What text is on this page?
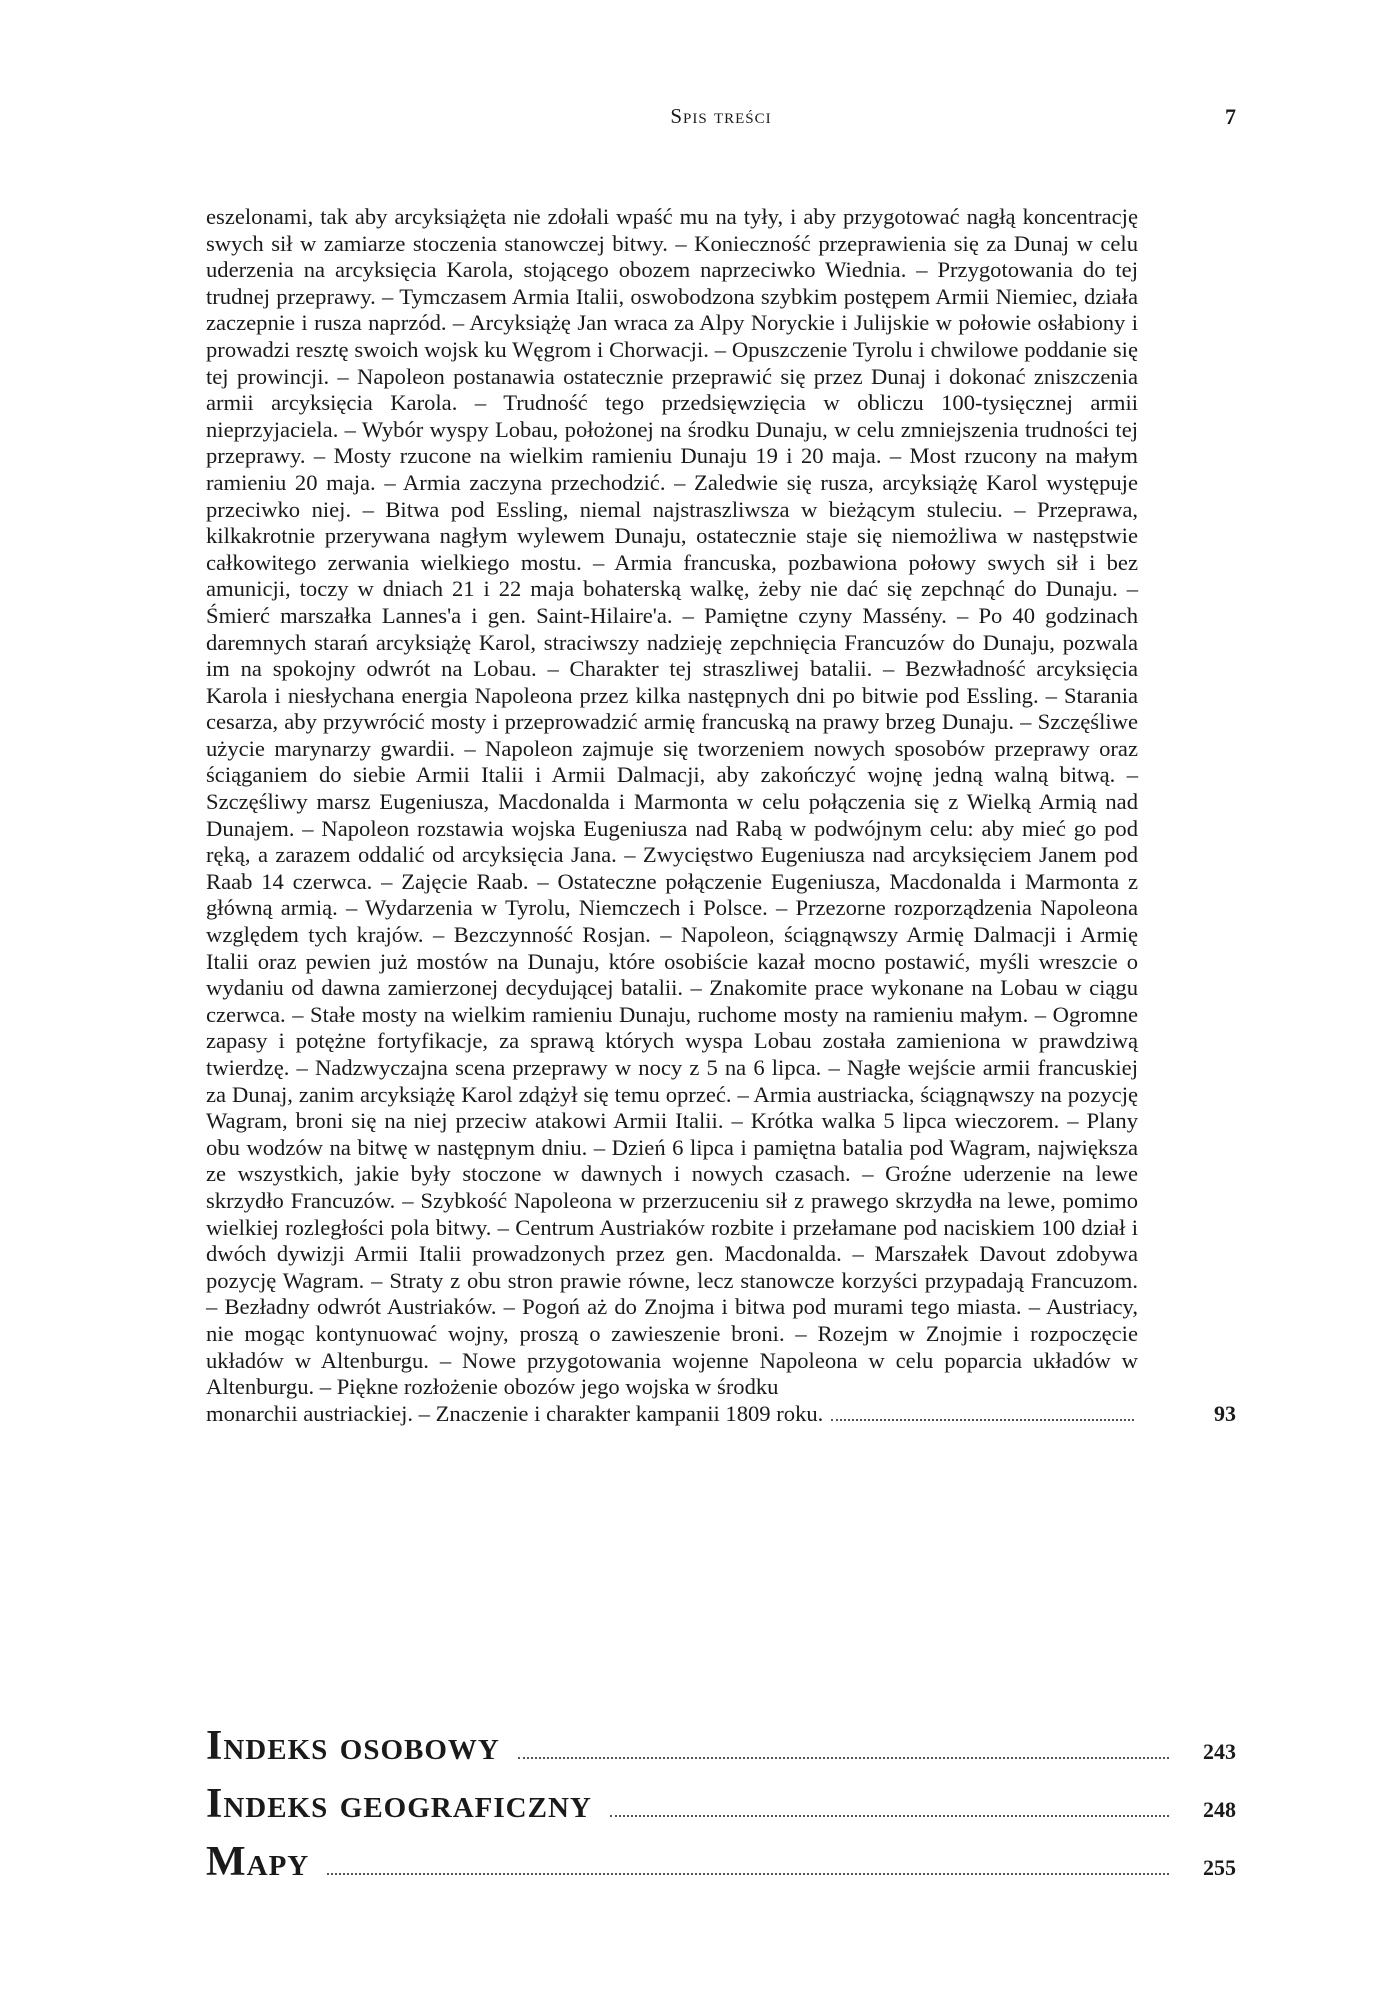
Spis treści	7
eszelonami, tak aby arcyksiążęta nie zdołali wpaść mu na tyły, i aby przygotować nagłą koncentrację swych sił w zamiarze stoczenia stanowczej bitwy. – Konieczność przeprawienia się za Dunaj w celu uderzenia na arcyksięcia Karola, stojącego obozem naprzeciwko Wiednia. – Przygotowania do tej trudnej przeprawy. – Tymczasem Armia Italii, oswobodzona szybkim postępem Armii Niemiec, działa zaczepnie i rusza naprzód. – Arcyksiążę Jan wraca za Alpy Noryckie i Julijskie w połowie osłabiony i prowadzi resztę swoich wojsk ku Węgrom i Chorwacji. – Opuszczenie Tyrolu i chwilowe poddanie się tej prowincji. – Napoleon postanawia ostatecznie przeprawić się przez Dunaj i dokonać zniszczenia armii arcyksięcia Karola. – Trudność tego przedsięwzięcia w obliczu 100-tysięcznej armii nieprzyjaciela. – Wybór wyspy Lobau, położonej na środku Dunaju, w celu zmniejszenia trudności tej przeprawy. – Mosty rzucone na wielkim ramieniu Dunaju 19 i 20 maja. – Most rzucony na małym ramieniu 20 maja. – Armia zaczyna przechodzić. – Zaledwie się rusza, arcyksiążę Karol występuje przeciwko niej. – Bitwa pod Essling, niemal najstraszliwsza w bieżącym stuleciu. – Przeprawa, kilkakrotnie przerywana nagłym wylewem Dunaju, ostatecznie staje się niemożliwa w następstwie całkowitego zerwania wielkiego mostu. – Armia francuska, pozbawiona połowy swych sił i bez amunicji, toczy w dniach 21 i 22 maja bohaterską walkę, żeby nie dać się zepchnąć do Dunaju. – Śmierć marszałka Lannes'a i gen. Saint-Hilaire'a. – Pamiętne czyny Massény. – Po 40 godzinach daremnych starań arcyksiążę Karol, straciwszy nadzieję zepchnięcia Francuzów do Dunaju, pozwala im na spokojny odwrót na Lobau. – Charakter tej straszliwej batalii. – Bezwładność arcyksięcia Karola i niesłychana energia Napoleona przez kilka następnych dni po bitwie pod Essling. – Starania cesarza, aby przywrócić mosty i przeprowadzić armię francuską na prawy brzeg Dunaju. – Szczęśliwe użycie marynarzy gwardii. – Napoleon zajmuje się tworzeniem nowych sposobów przeprawy oraz ściąganiem do siebie Armii Italii i Armii Dalmacji, aby zakończyć wojnę jedną walną bitwą. – Szczęśliwy marsz Eugeniusza, Macdonalda i Marmonta w celu połączenia się z Wielką Armią nad Dunajem. – Napoleon rozstawia wojska Eugeniusza nad Rabą w podwójnym celu: aby mieć go pod ręką, a zarazem oddalić od arcyksięcia Jana. – Zwycięstwo Eugeniusza nad arcyksięciem Janem pod Raab 14 czerwca. – Zajęcie Raab. – Ostateczne połączenie Eugeniusza, Macdonalda i Marmonta z główną armią. – Wydarzenia w Tyrolu, Niemczech i Polsce. – Przezorne rozporządzenia Napoleona względem tych krajów. – Bezczynność Rosjan. – Napoleon, ściągnąwszy Armię Dalmacji i Armię Italii oraz pewien już mostów na Dunaju, które osobiście kazał mocno postawić, myśli wreszcie o wydaniu od dawna zamierzonej decydującej batalii. – Znakomite prace wykonane na Lobau w ciągu czerwca. – Stałe mosty na wielkim ramieniu Dunaju, ruchome mosty na ramieniu małym. – Ogromne zapasy i potężne fortyfikacje, za sprawą których wyspa Lobau została zamieniona w prawdziwą twierdzę. – Nadzwyczajna scena przeprawy w nocy z 5 na 6 lipca. – Nagłe wejście armii francuskiej za Dunaj, zanim arcyksiążę Karol zdążył się temu oprzeć. – Armia austriacka, ściągnąwszy na pozycję Wagram, broni się na niej przeciw atakowi Armii Italii. – Krótka walka 5 lipca wieczorem. – Plany obu wodzów na bitwę w następnym dniu. – Dzień 6 lipca i pamiętna batalia pod Wagram, największa ze wszystkich, jakie były stoczone w dawnych i nowych czasach. – Groźne uderzenie na lewe skrzydło Francuzów. – Szybkość Napoleona w przerzuceniu sił z prawego skrzydła na lewe, pomimo wielkiej rozległości pola bitwy. – Centrum Austriaków rozbite i przełamane pod naciskiem 100 dział i dwóch dywizji Armii Italii prowadzonych przez gen. Macdonalda. – Marszałek Davout zdobywa pozycję Wagram. – Straty z obu stron prawie równe, lecz stanowcze korzyści przypadają Francuzom. – Bezładny odwrót Austriaków. – Pogoń aż do Znojma i bitwa pod murami tego miasta. – Austriacy, nie mogąc kontynuować wojny, proszą o zawieszenie broni. – Rozejm w Znojmie i rozpoczęcie układów w Altenburgu. – Nowe przygotowania wojenne Napoleona w celu poparcia układów w Altenburgu. – Piękne rozłożenie obozów jego wojska w środku
monarchii austriackiej. – Znaczenie i charakter kampanii 1809 roku.	93
Indeks osobowy	243
Indeks geograficzny	248
Mapy	255
